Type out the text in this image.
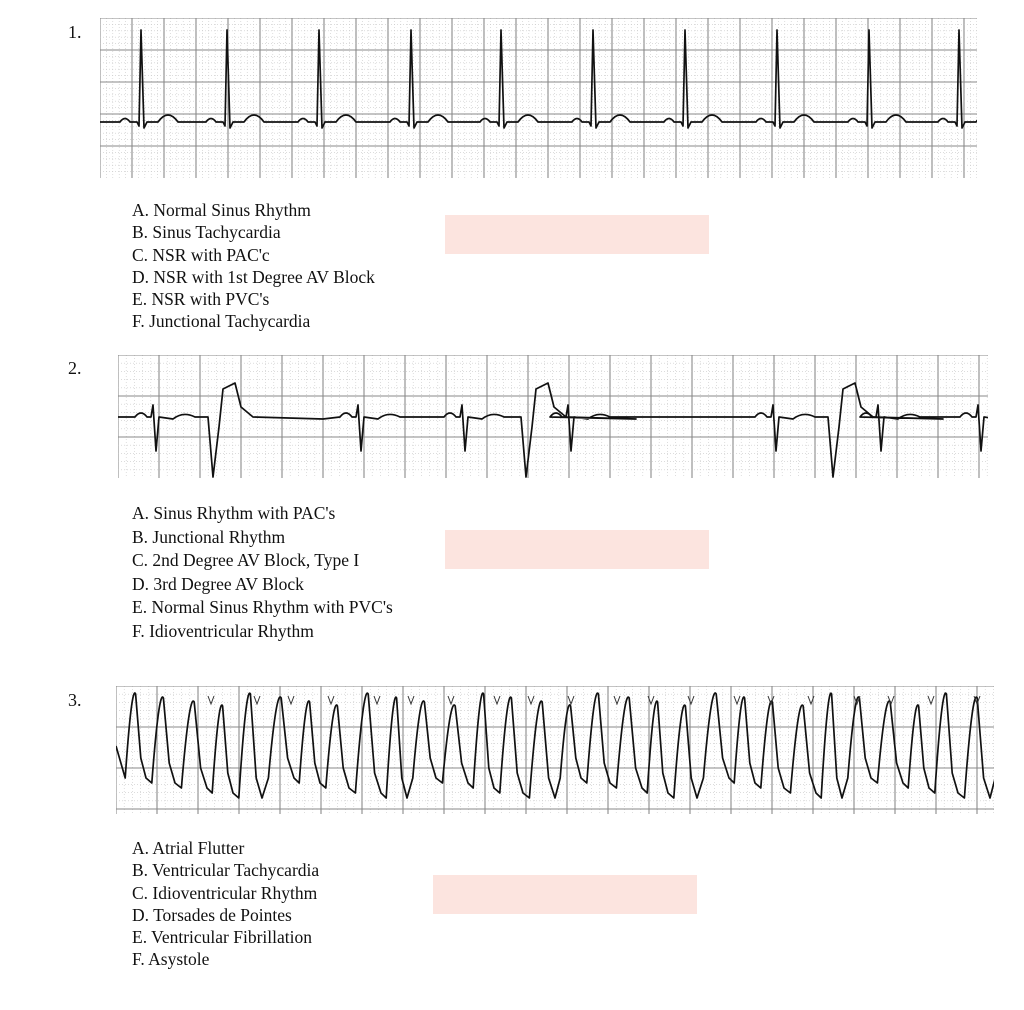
1.
A. Normal Sinus Rhythm
B. Sinus Tachycardia
C. NSR with PAC'c
D. NSR with 1st Degree AV Block
E. NSR with PVC's
F. Junctional Tachycardia
2.
A. Sinus Rhythm with PAC's
B. Junctional Rhythm
C. 2nd Degree AV Block, Type I
D. 3rd Degree AV Block
E. Normal Sinus Rhythm with PVC's
F. Idioventricular Rhythm
3.
A. Atrial Flutter
B. Ventricular Tachycardia
C. Idioventricular Rhythm
D. Torsades de Pointes
E. Ventricular Fibrillation
F. Asystole
